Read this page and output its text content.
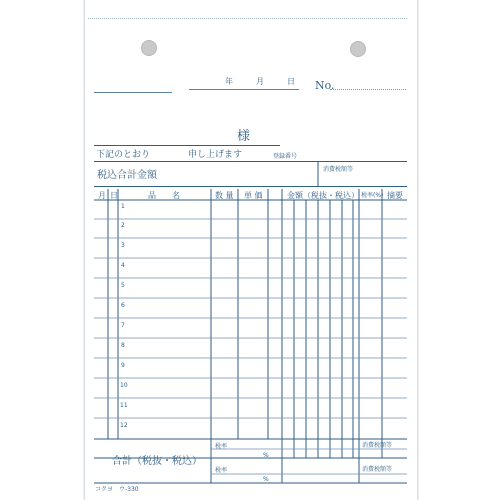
年	月	日 No.
様
下記のとおり	申し上げます	登録番号
税込合計金額
消費税額等
月 日	品　　名	数 量 単 価	金額（税抜・税込） 税率(%) 摘要
1
2
3
4
5
6
7
8
9
10
11
12
合計（税抜・税込）
税率
%
税率
%
消費税額等
消費税額等
コクヨ　ウ-330
